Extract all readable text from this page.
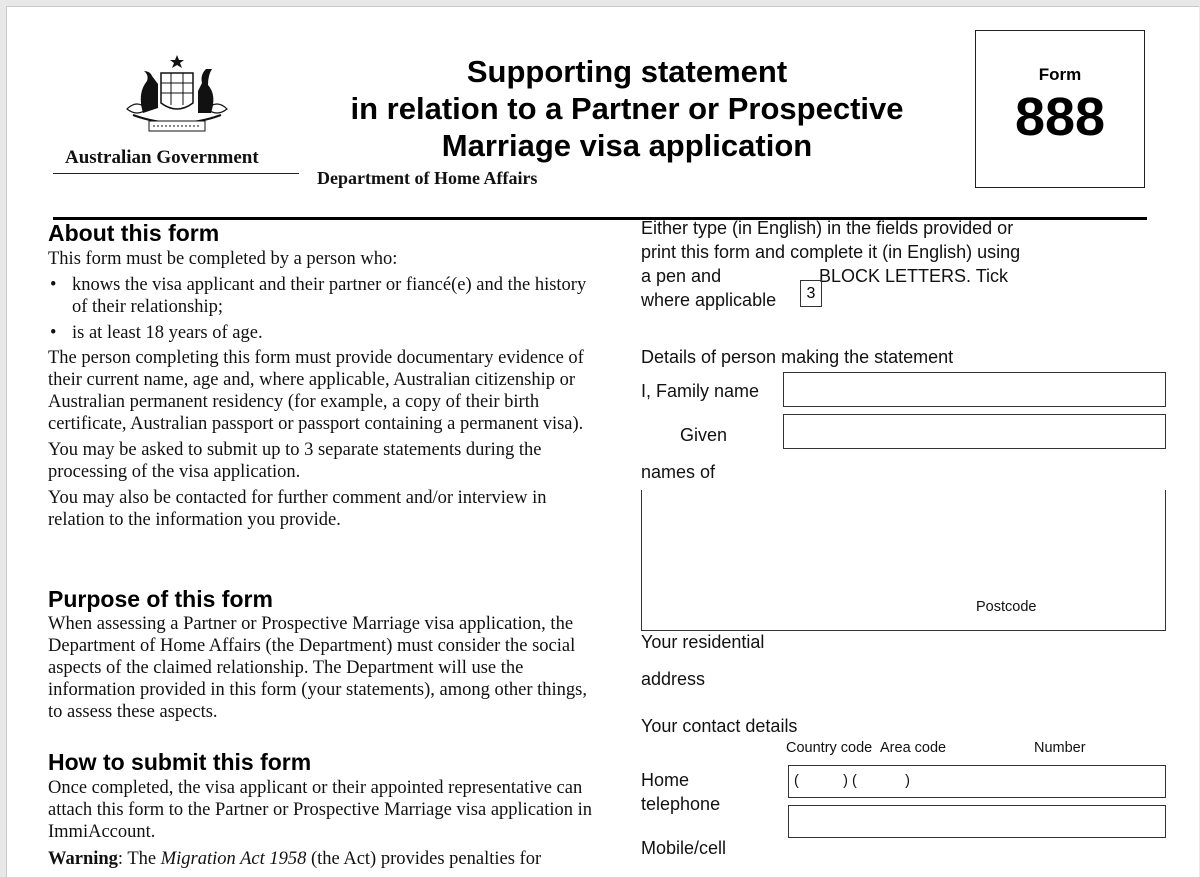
Australian Government
Department of Home Affairs
Supporting statement
in relation to a Partner or Prospective
Marriage visa application
Form
888
About this form

This form must be completed by a person who:

• knows the visa applicant and their partner or fiancé(e) and the history of their relationship;

• is at least 18 years of age.

The person completing this form must provide documentary evidence of their current name, age and, where applicable, Australian citizenship or Australian permanent residency (for example, a copy of their birth certificate, Australian passport or passport containing a permanent visa).

You may be asked to submit up to 3 separate statements during the processing of the visa application.

You may also be contacted for further comment and/or interview in relation to the information you provide.

Purpose of this form
When assessing a Partner or Prospective Marriage visa application, the Department of Home Affairs (the Department) must consider the social aspects of the claimed relationship. The Department will use the information provided in this form (your statements), among other things, to assess these aspects.
How to submit this form
Once completed, the visa applicant or their appointed representative can attach this form to the Partner or Prospective Marriage visa application in ImmiAccount.
Warning: The Migration Act 1958 (the Act) provides penalties for
Either type (in English) in the fields provided or
print this form and complete it (in English) using
a pen and	BLOCK LETTERS. Tick
where applicable	3
Details of person making the statement
I, Family name
Given
names of
Postcode
Your residential
address
Your contact details
Country code Area code	Number
Home
telephone
(           ) (            )
Mobile/cell
